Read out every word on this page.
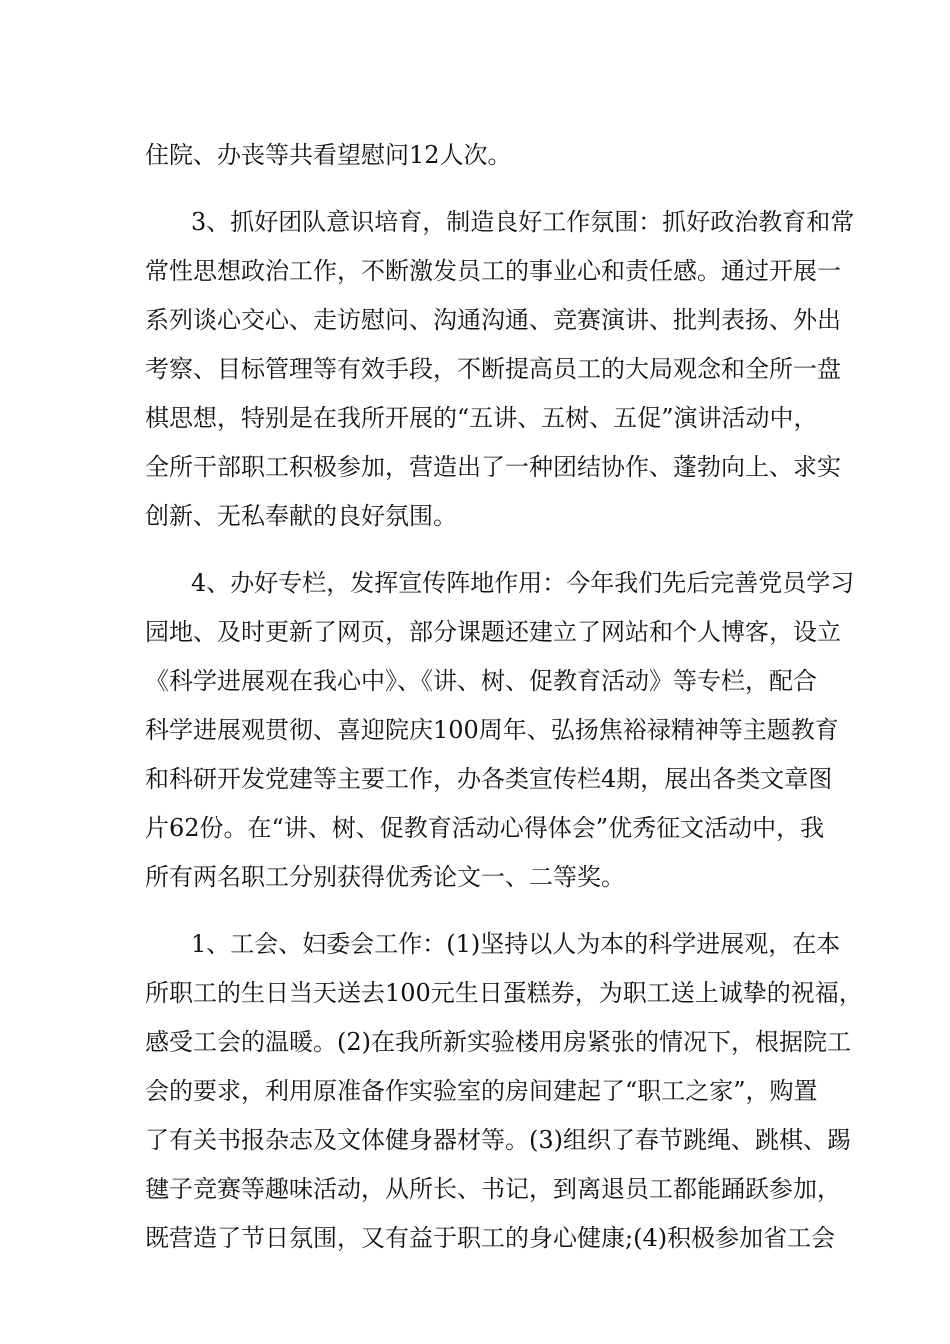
住院、办丧等共看望慰问12人次。
3、抓好团队意识培育，制造良好工作氛围：抓好政治教育和常
常性思想政治工作，不断激发员工的事业心和责任感。通过开展一
系列谈心交心、走访慰问、沟通沟通、竞赛演讲、批判表扬、外出
考察、目标管理等有效手段，不断提高员工的大局观念和全所一盘
棋思想，特别是在我所开展的“五讲、五树、五促”演讲活动中，
全所干部职工积极参加，营造出了一种团结协作、蓬勃向上、求实
创新、无私奉献的良好氛围。
4、办好专栏，发挥宣传阵地作用：今年我们先后完善党员学习
园地、及时更新了网页，部分课题还建立了网站和个人博客，设立
《科学进展观在我心中》、《讲、树、促教育活动》等专栏，配合
科学进展观贯彻、喜迎院庆100周年、弘扬焦裕禄精神等主题教育
和科研开发党建等主要工作，办各类宣传栏4期，展出各类文章图
片62份。在“讲、树、促教育活动心得体会”优秀征文活动中，我
所有两名职工分别获得优秀论文一、二等奖。
1、工会、妇委会工作：(1)坚持以人为本的科学进展观，在本
所职工的生日当天送去100元生日蛋糕券，为职工送上诚挚的祝福，
感受工会的温暖。(2)在我所新实验楼用房紧张的情况下，根据院工
会的要求，利用原准备作实验室的房间建起了“职工之家”，购置
了有关书报杂志及文体健身器材等。(3)组织了春节跳绳、跳棋、踢
毽子竞赛等趣味活动，从所长、书记，到离退员工都能踊跃参加，
既营造了节日氛围，又有益于职工的身心健康;(4)积极参加省工会
